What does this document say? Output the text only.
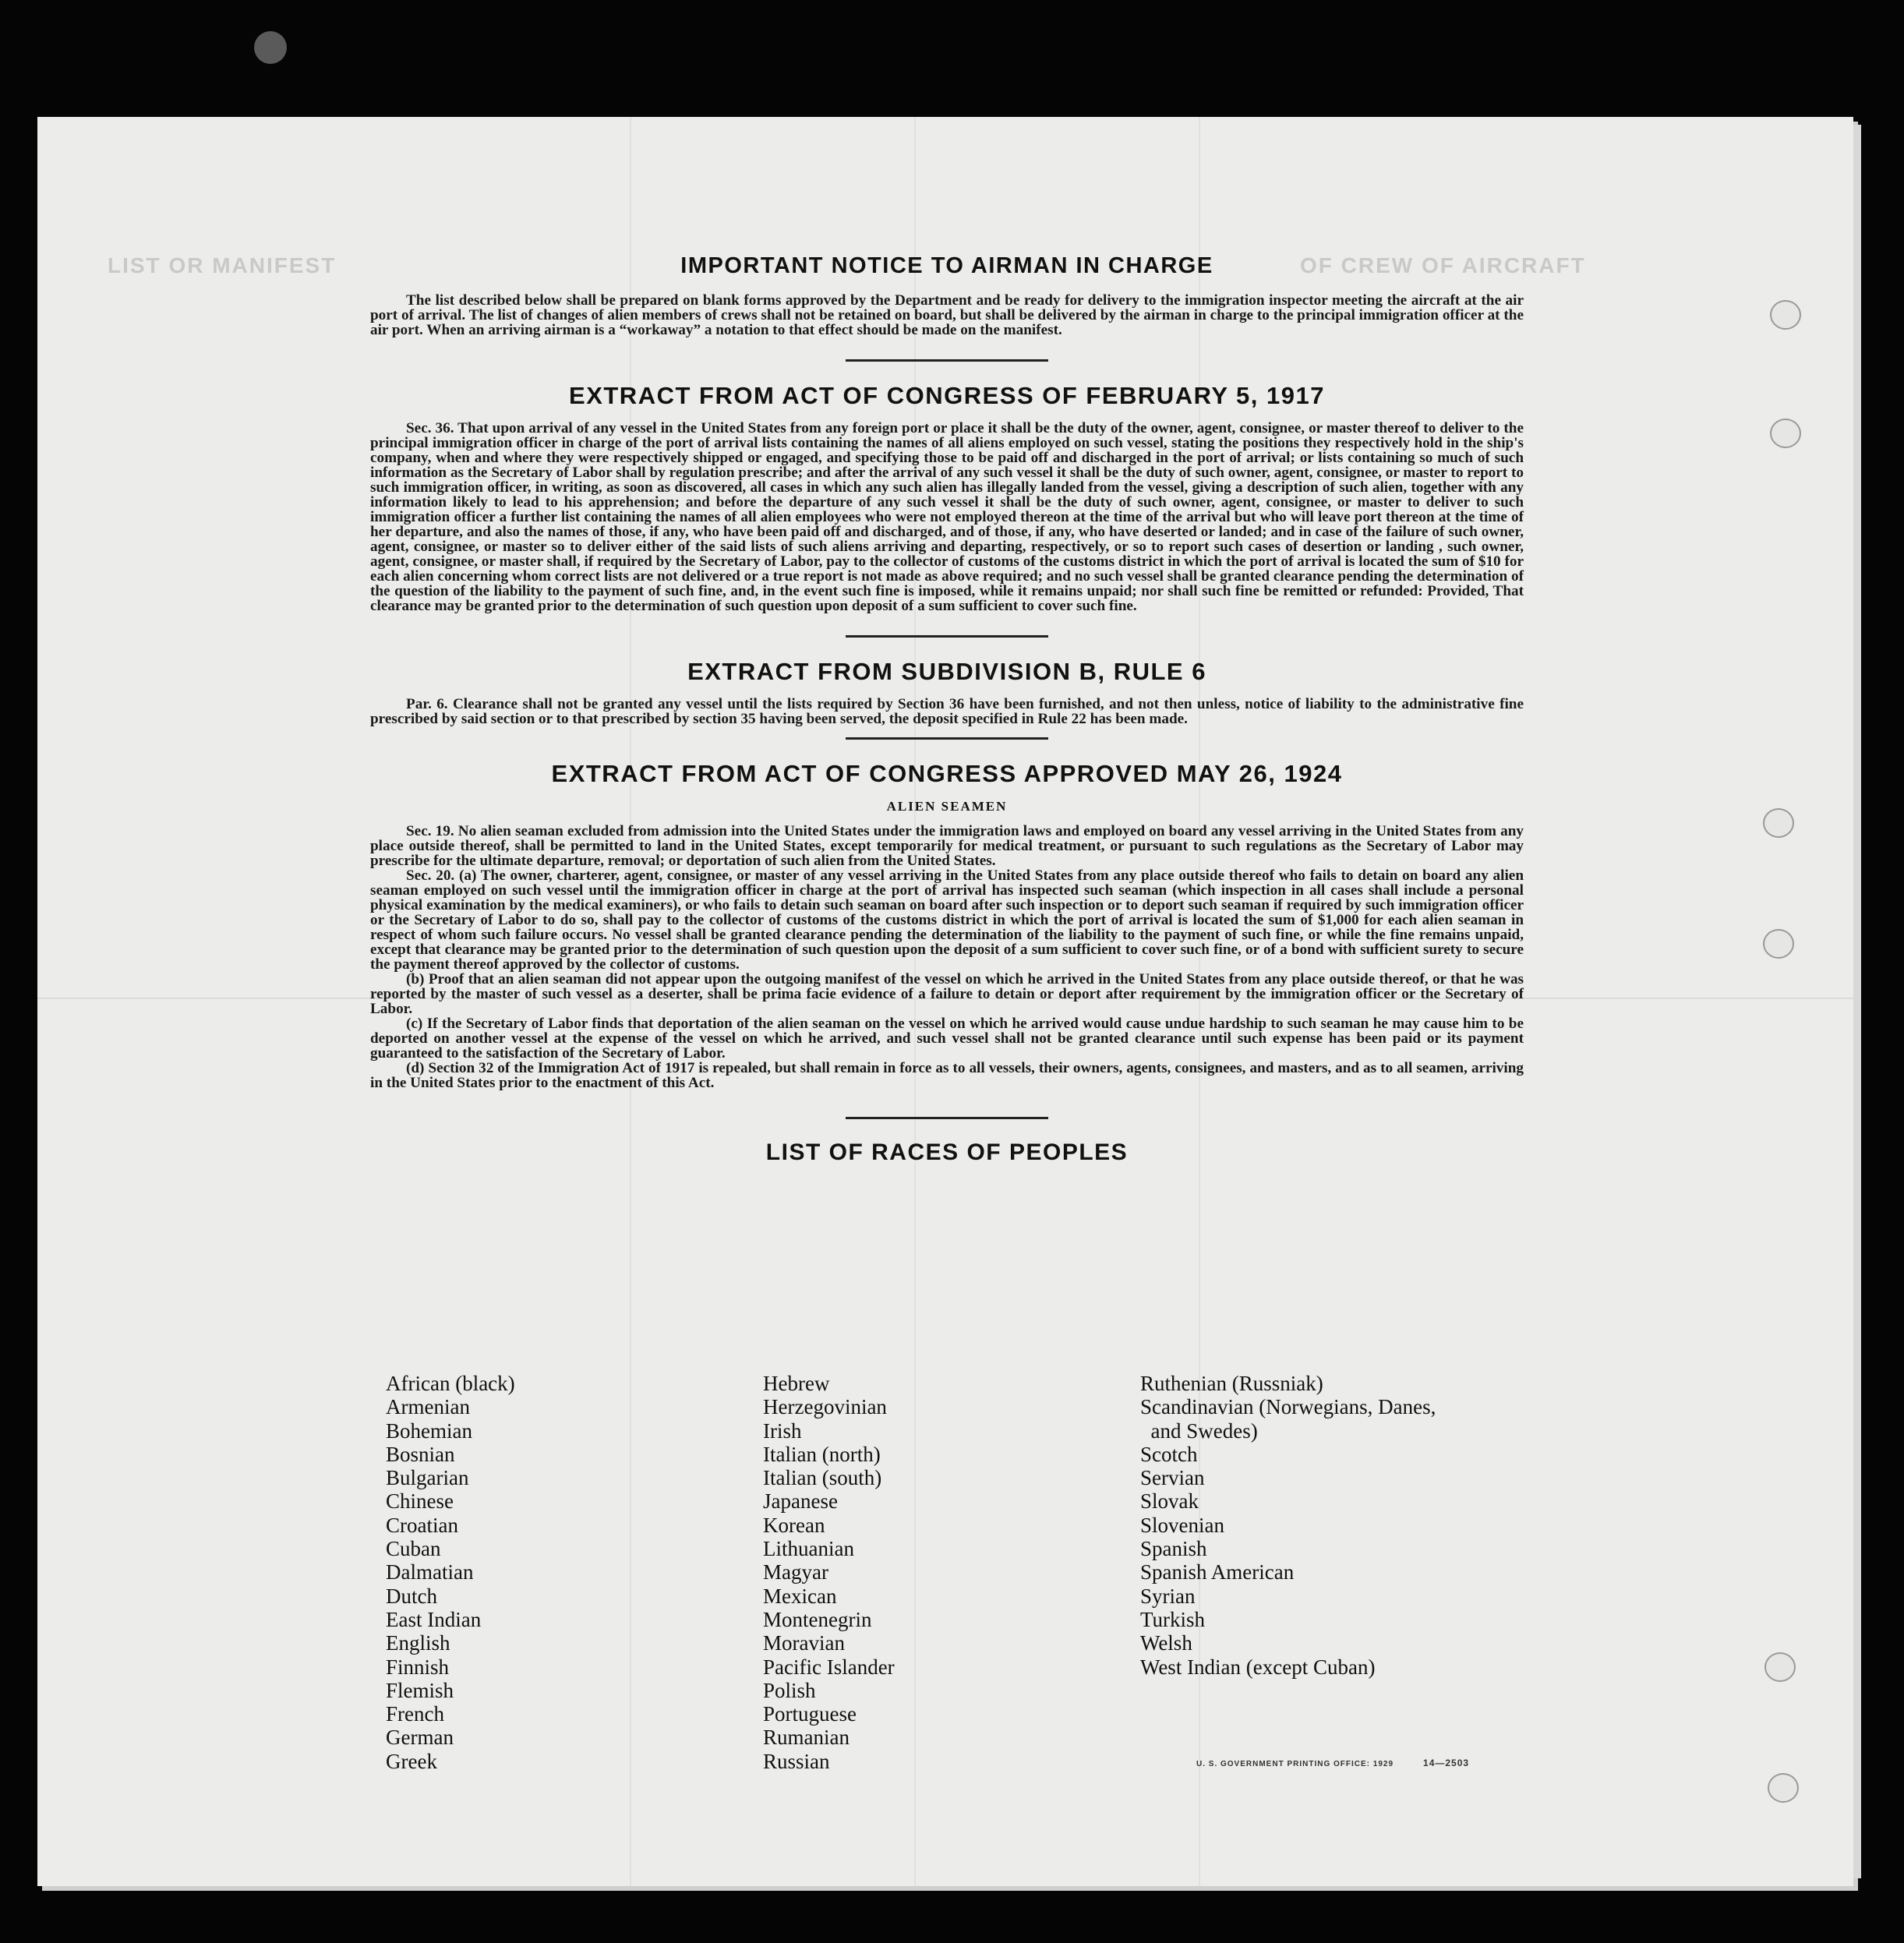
LIST OR MANIFEST	OF CREW OF AIRCRAFT
IMPORTANT NOTICE TO AIRMAN IN CHARGE

The list described below shall be prepared on blank forms approved by the Department and be ready for delivery to the immigration inspector meeting the aircraft at the air port of arrival. The list of changes of alien members of crews shall not be retained on board, but shall be delivered by the airman in charge to the principal immigration officer at the air port. When an arriving airman is a “workaway” a notation to that effect should be made on the manifest.

EXTRACT FROM ACT OF CONGRESS OF FEBRUARY 5, 1917

Sec. 36. That upon arrival of any vessel in the United States from any foreign port or place it shall be the duty of the owner, agent, consignee, or master thereof to deliver to the principal immigration officer in charge of the port of arrival lists containing the names of all aliens employed on such vessel, stating the positions they respectively hold in the ship's company, when and where they were respectively shipped or engaged, and specifying those to be paid off and discharged in the port of arrival; or lists containing so much of such information as the Secretary of Labor shall by regulation prescribe; and after the arrival of any such vessel it shall be the duty of such owner, agent, consignee, or master to report to such immigration officer, in writing, as soon as discovered, all cases in which any such alien has illegally landed from the vessel, giving a description of such alien, together with any information likely to lead to his apprehension; and before the departure of any such vessel it shall be the duty of such owner, agent, consignee, or master to deliver to such immigration officer a further list containing the names of all alien employees who were not employed thereon at the time of the arrival but who will leave port thereon at the time of her departure, and also the names of those, if any, who have been paid off and discharged, and of those, if any, who have deserted or landed; and in case of the failure of such owner, agent, consignee, or master so to deliver either of the said lists of such aliens arriving and departing, respectively, or so to report such cases of desertion or landing , such owner, agent, consignee, or master shall, if required by the Secretary of Labor, pay to the collector of customs of the customs district in which the port of arrival is located the sum of $10 for each alien concerning whom correct lists are not delivered or a true report is not made as above required; and no such vessel shall be granted clearance pending the determination of the question of the liability to the payment of such fine, and, in the event such fine is imposed, while it remains unpaid; nor shall such fine be remitted or refunded: Provided, That clearance may be granted prior to the determination of such question upon deposit of a sum sufficient to cover such fine.

EXTRACT FROM SUBDIVISION B, RULE 6

Par. 6. Clearance shall not be granted any vessel until the lists required by Section 36 have been furnished, and not then unless, notice of liability to the administrative fine prescribed by said section or to that prescribed by section 35 having been served, the deposit specified in Rule 22 has been made.

EXTRACT FROM ACT OF CONGRESS APPROVED MAY 26, 1924
ALIEN SEAMEN

Sec. 19. No alien seaman excluded from admission into the United States under the immigration laws and employed on board any vessel arriving in the United States from any place outside thereof, shall be permitted to land in the United States, except temporarily for medical treatment, or pursuant to such regulations as the Secretary of Labor may prescribe for the ultimate departure, removal; or deportation of such alien from the United States.

Sec. 20. (a) The owner, charterer, agent, consignee, or master of any vessel arriving in the United States from any place outside thereof who fails to detain on board any alien seaman employed on such vessel until the immigration officer in charge at the port of arrival has inspected such seaman (which inspection in all cases shall include a personal physical examination by the medical examiners), or who fails to detain such seaman on board after such inspection or to deport such seaman if required by such immigration officer or the Secretary of Labor to do so, shall pay to the collector of customs of the customs district in which the port of arrival is located the sum of $1,000 for each alien seaman in respect of whom such failure occurs. No vessel shall be granted clearance pending the determination of the liability to the payment of such fine, or while the fine remains unpaid, except that clearance may be granted prior to the determination of such question upon the deposit of a sum sufficient to cover such fine, or of a bond with sufficient surety to secure the payment thereof approved by the collector of customs.

(b) Proof that an alien seaman did not appear upon the outgoing manifest of the vessel on which he arrived in the United States from any place outside thereof, or that he was reported by the master of such vessel as a deserter, shall be prima facie evidence of a failure to detain or deport after requirement by the immigration officer or the Secretary of Labor.

(c) If the Secretary of Labor finds that deportation of the alien seaman on the vessel on which he arrived would cause undue hardship to such seaman he may cause him to be deported on another vessel at the expense of the vessel on which he arrived, and such vessel shall not be granted clearance until such expense has been paid or its payment guaranteed to the satisfaction of the Secretary of Labor.

(d) Section 32 of the Immigration Act of 1917 is repealed, but shall remain in force as to all vessels, their owners, agents, consignees, and masters, and as to all seamen, arriving in the United States prior to the enactment of this Act.

LIST OF RACES OF PEOPLES
African (black)
Armenian
Bohemian
Bosnian
Bulgarian
Chinese
Croatian
Cuban
Dalmatian
Dutch
East Indian
English
Finnish
Flemish
French
German
Greek
Hebrew
Herzegovinian
Irish
Italian (north)
Italian (south)
Japanese
Korean
Lithuanian
Magyar
Mexican
Montenegrin
Moravian
Pacific Islander
Polish
Portuguese
Rumanian
Russian
Ruthenian (Russniak)
Scandinavian (Norwegians, Danes,
and Swedes)
Scotch
Servian
Slovak
Slovenian
Spanish
Spanish American
Syrian
Turkish
Welsh
West Indian (except Cuban)
U. S. GOVERNMENT PRINTING OFFICE: 1929	14—2503
